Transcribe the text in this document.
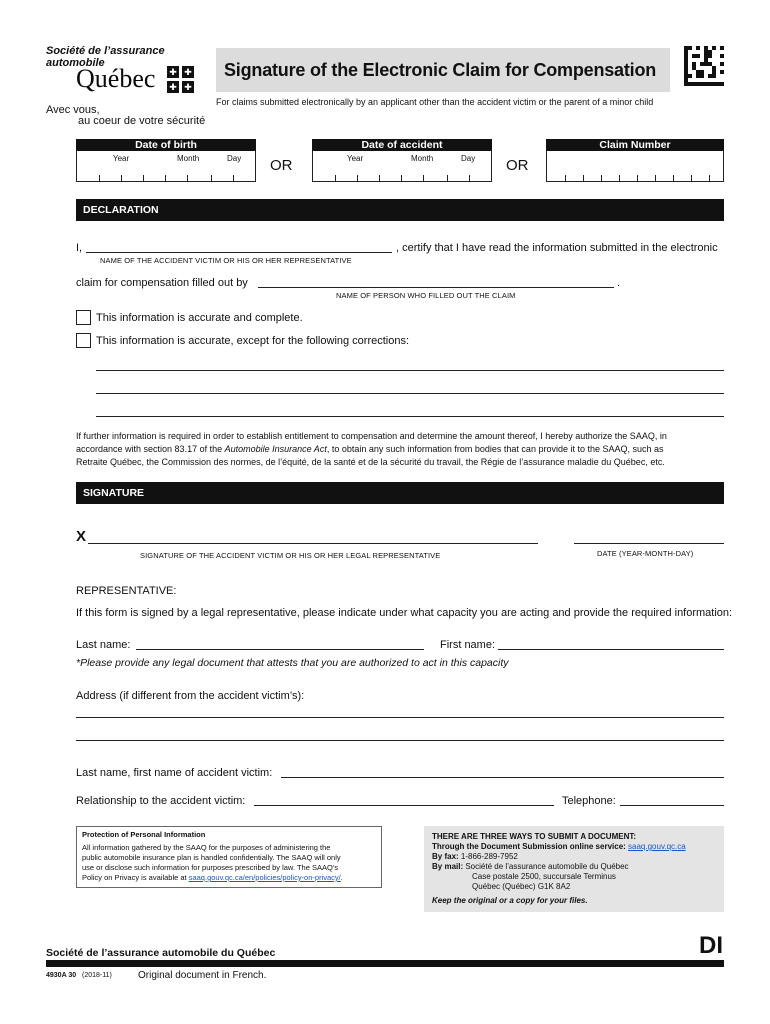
Société de l’assurance
automobile
Québec ✚ ✚
✚ ✚
Avec vous,
au coeur de votre sécurité
Signature of the Electronic Claim for Compensation
For claims submitted electronically by an applicant other than the accident victim or the parent of a minor child
Date of birth
Year	Month	Day OR
Date of accident
Year	Month	Day OR
Claim Number
DECLARATION
I,	, certify that I have read the information submitted in the electronic
NAME OF THE ACCIDENT VICTIM OR HIS OR HER REPRESENTATIVE
claim for compensation filled out by	.
NAME OF PERSON WHO FILLED OUT THE CLAIM
This information is accurate and complete.
This information is accurate, except for the following corrections:
If further information is required in order to establish entitlement to compensation and determine the amount thereof, I hereby authorize the SAAQ, in
accordance with section 83.17 of the Automobile Insurance Act, to obtain any such information from bodies that can provide it to the SAAQ, such as
Retraite Québec, the Commission des normes, de l’équité, de la santé et de la sécurité du travail, the Régie de l’assurance maladie du Québec, etc.
SIGNATURE
X
SIGNATURE OF THE ACCIDENT VICTIM OR HIS OR HER LEGAL REPRESENTATIVE	DATE (YEAR-MONTH-DAY)
REPRESENTATIVE:
If this form is signed by a legal representative, please indicate under what capacity you are acting and provide the required information:
Last name:	First name:
*Please provide any legal document that attests that you are authorized to act in this capacity
Address (if different from the accident victim’s):
Last name, first name of accident victim:
Relationship to the accident victim:	Telephone:
Protection of Personal Information
All information gathered by the SAAQ for the purposes of administering the
public automobile insurance plan is handled confidentially. The SAAQ will only
use or disclose such information for purposes prescribed by law. The SAAQ’s
Policy on Privacy is available at saaq.gouv.qc.ca/en/policies/policy-on-privacy/.
THERE ARE THREE WAYS TO SUBMIT A DOCUMENT:
Through the Document Submission online service: saaq.gouv.qc.ca
By fax: 1-866-289-7952
By mail: Société de l’assurance automobile du Québec
Case postale 2500, succursale Terminus
Québec (Québec) G1K 8A2
Keep the original or a copy for your files.
Société de l’assurance automobile du Québec	DI
4930A 30 (2018-11)	Original document in French.
